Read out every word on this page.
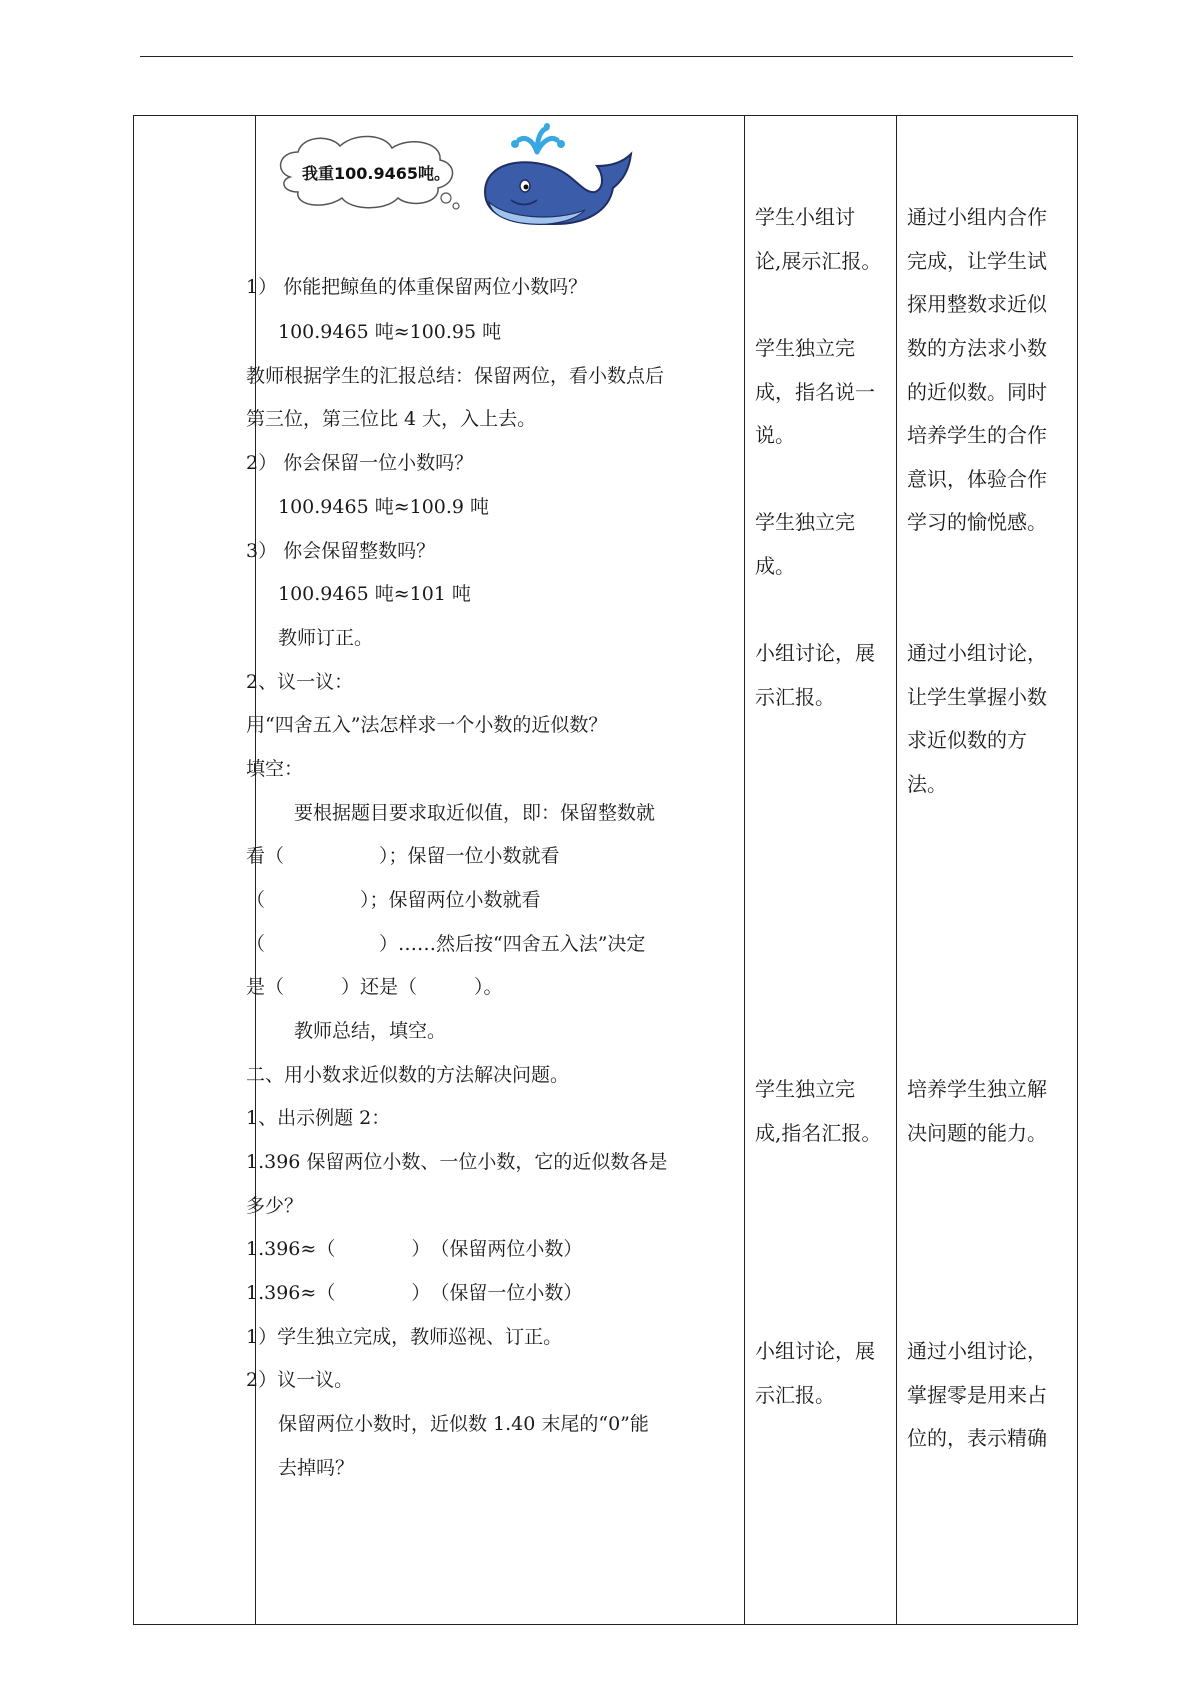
我重100.9465吨。
1） 你能把鲸鱼的体重保留两位小数吗？
100.9465 吨≈100.95 吨
教师根据学生的汇报总结：保留两位，看小数点后
第三位，第三位比 4 大，入上去。
2） 你会保留一位小数吗？
100.9465 吨≈100.9 吨
3） 你会保留整数吗？
100.9465 吨≈101 吨
教师订正。
2、议一议：
用“四舍五入”法怎样求一个小数的近似数？
填空：
要根据题目要求取近似值，即：保留整数就
看（　　　　　）；保留一位小数就看
（　　　　　）；保留两位小数就看
（　　　　　　）……然后按“四舍五入法”决定
是（　　　）还是（　　　）。
教师总结，填空。
二、用小数求近似数的方法解决问题。
1、出示例题 2：
1.396 保留两位小数、一位小数，它的近似数各是
多少？
1.396≈（　　　　）　（保留两位小数）
1.396≈（　　　　）　（保留一位小数）
1）学生独立完成，教师巡视、订正。
2）议一议。
保留两位小数时，近似数 1.40 末尾的“0”能
去掉吗？
学生小组讨
论,展示汇报。
学生独立完
成，指名说一
说。
学生独立完
成。
小组讨论，展
示汇报。
学生独立完
成,指名汇报。
小组讨论，展
示汇报。
通过小组内合作
完成，让学生试
探用整数求近似
数的方法求小数
的近似数。同时
培养学生的合作
意识，体验合作
学习的愉悦感。
通过小组讨论，
让学生掌握小数
求近似数的方
法。
培养学生独立解
决问题的能力。
通过小组讨论，
掌握零是用来占
位的，表示精确
